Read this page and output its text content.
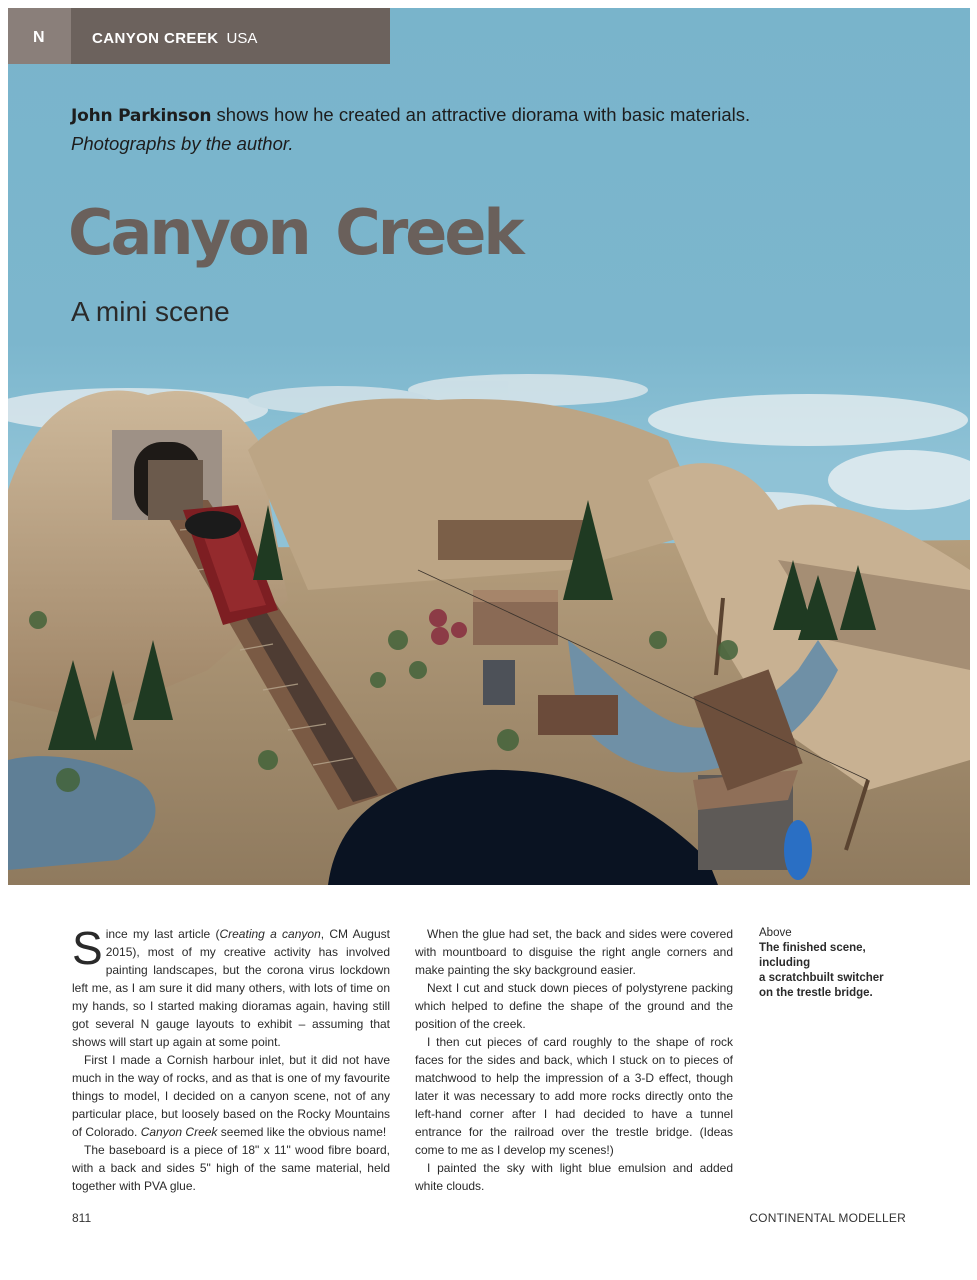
N	CANYON CREEK USA
John Parkinson shows how he created an attractive diorama with basic materials.
Photographs by the author.
Canyon Creek
A mini scene

Since my last article (Creating a canyon, CM August 2015), most of my creative activity has involved painting landscapes, but the corona virus lockdown left me, as I am sure it did many others, with lots of time on my hands, so I started making dioramas again, having still got several N gauge layouts to exhibit – assuming that shows will start up again at some point.

First I made a Cornish harbour inlet, but it did not have much in the way of rocks, and as that is one of my favourite things to model, I decided on a canyon scene, not of any particular place, but loosely based on the Rocky Mountains of Colorado. Canyon Creek seemed like the obvious name!

The baseboard is a piece of 18" x 11" wood fibre board, with a back and sides 5" high of the same material, held together with PVA glue.

When the glue had set, the back and sides were covered with mountboard to disguise the right angle corners and make painting the sky background easier.

Next I cut and stuck down pieces of polystyrene packing which helped to define the shape of the ground and the position of the creek.

I then cut pieces of card roughly to the shape of rock faces for the sides and back, which I stuck on to pieces of matchwood to help the impression of a 3-D effect, though later it was necessary to add more rocks directly onto the left-hand corner after I had decided to have a tunnel entrance for the railroad over the trestle bridge. (Ideas come to me as I develop my scenes!)

I painted the sky with light blue emulsion and added white clouds.

Above
The finished scene, including
a scratchbuilt switcher
on the trestle bridge.
811	CONTINENTAL MODELLER
